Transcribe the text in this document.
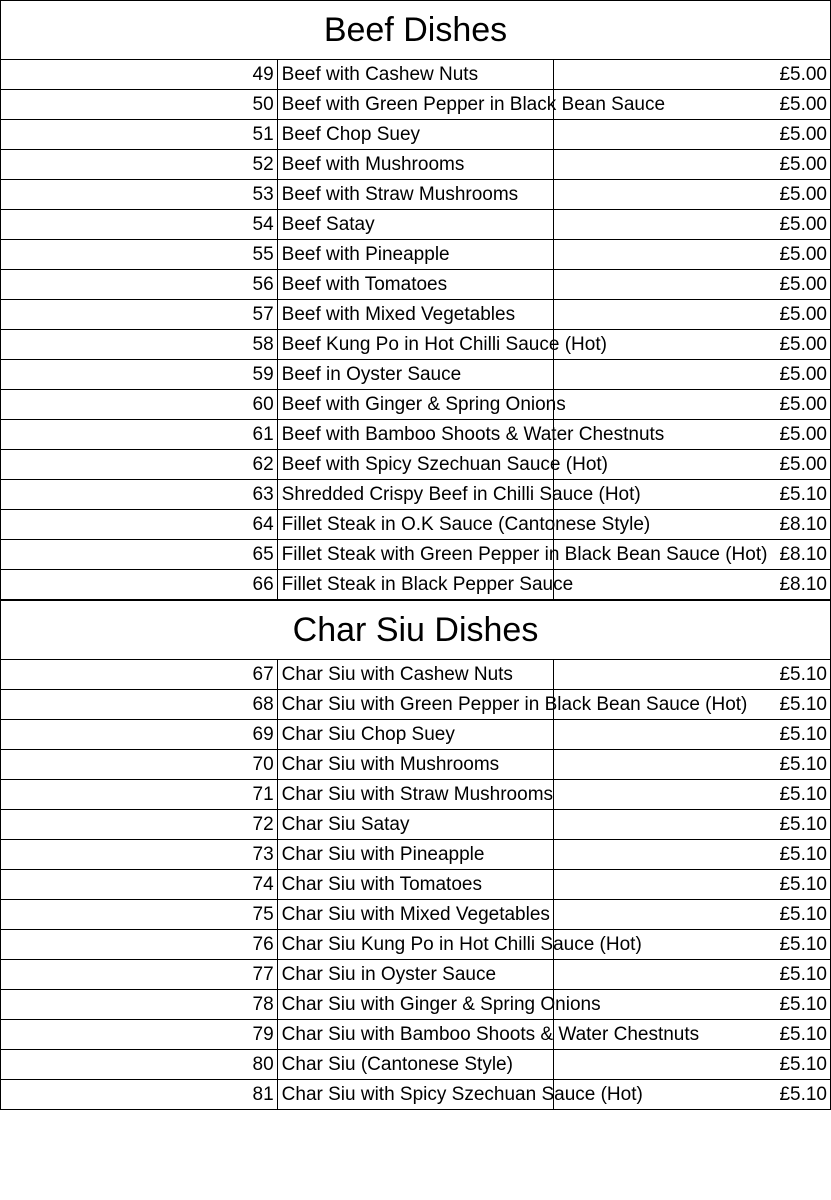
Beef Dishes		
49	Beef with Cashew Nuts	£5.00
50	Beef with Green Pepper in Black Bean Sauce	£5.00
51	Beef Chop Suey	£5.00
52	Beef with Mushrooms	£5.00
53	Beef with Straw Mushrooms	£5.00
54	Beef Satay	£5.00
55	Beef with Pineapple	£5.00
56	Beef with Tomatoes	£5.00
57	Beef with Mixed Vegetables	£5.00
58	Beef Kung Po in Hot Chilli Sauce (Hot)	£5.00
59	Beef in Oyster Sauce	£5.00
60	Beef with Ginger & Spring Onions	£5.00
61	Beef with Bamboo Shoots & Water Chestnuts	£5.00
62	Beef with Spicy Szechuan Sauce (Hot)	£5.00
63	Shredded Crispy Beef in Chilli Sauce (Hot)	£5.10
64	Fillet Steak in O.K Sauce (Cantonese Style)	£8.10
65	Fillet Steak with Green Pepper in Black Bean Sauce (Hot)	£8.10
66	Fillet Steak in Black Pepper Sauce	£8.10
Char Siu Dishes		
67	Char Siu with Cashew Nuts	£5.10
68	Char Siu with Green Pepper in Black Bean Sauce (Hot)	£5.10
69	Char Siu Chop Suey	£5.10
70	Char Siu with Mushrooms	£5.10
71	Char Siu with Straw Mushrooms	£5.10
72	Char Siu Satay	£5.10
73	Char Siu with Pineapple	£5.10
74	Char Siu with Tomatoes	£5.10
75	Char Siu with Mixed Vegetables	£5.10
76	Char Siu Kung Po in Hot Chilli Sauce (Hot)	£5.10
77	Char Siu in Oyster Sauce	£5.10
78	Char Siu with Ginger & Spring Onions	£5.10
79	Char Siu with Bamboo Shoots & Water Chestnuts	£5.10
80	Char Siu (Cantonese Style)	£5.10
81	Char Siu with Spicy Szechuan Sauce (Hot)	£5.10
